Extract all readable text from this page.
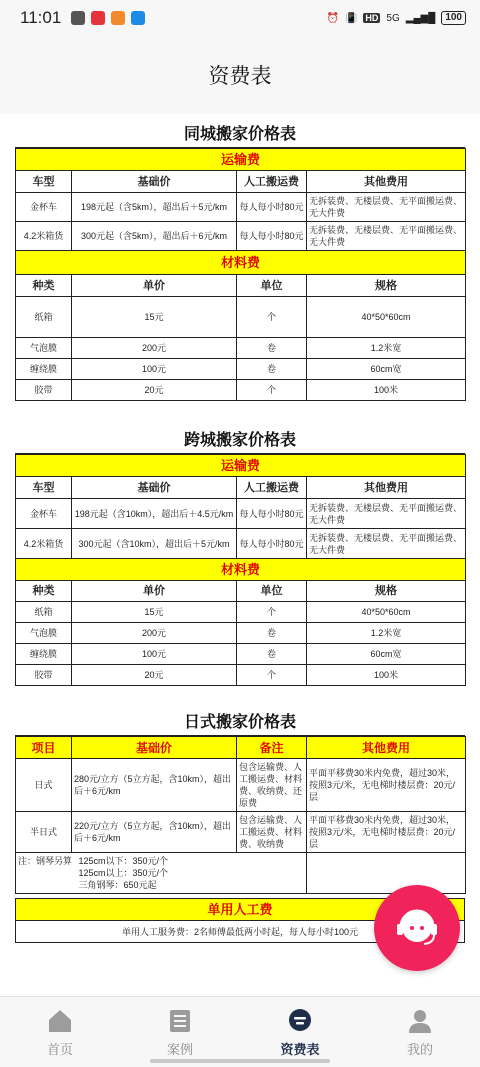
11:01	⏰ 📳 HD 5G ▂▄▆█	100
资费表
同城搬家价格表
运输费			
车型	基础价	人工搬运费	其他费用
金杯车	198元起（含5km），超出后＋5元/km	每人每小时80元	无拆装费、无楼层费、无平面搬运费、无大件费
4.2米箱货	300元起（含5km），超出后＋6元/km	每人每小时80元	无拆装费、无楼层费、无平面搬运费、无大件费
材料费			
种类	单价	单位	规格
纸箱	15元	个	40*50*60cm
气泡膜	200元	卷	1.2米宽
缠绕膜	100元	卷	60cm宽
胶带	20元	个	100米
跨城搬家价格表
运输费			
车型	基础价	人工搬运费	其他费用
金杯车	198元起（含10km），超出后＋4.5元/km	每人每小时80元	无拆装费、无楼层费、无平面搬运费、无大件费
4.2米箱货	300元起（含10km），超出后＋5元/km	每人每小时80元	无拆装费、无楼层费、无平面搬运费、无大件费
材料费			
种类	单价	单位	规格
纸箱	15元	个	40*50*60cm
气泡膜	200元	卷	1.2米宽
缠绕膜	100元	卷	60cm宽
胶带	20元	个	100米
日式搬家价格表
项目	基础价	备注	其他费用
日式	280元/立方（5立方起，含10km），超出后＋6元/km	包含运输费、人工搬运费、材料费、收纳费、还原费	平面平移费30米内免费，超过30米，按照3元/米，无电梯时楼层费：20元/层
半日式	220元/立方（5立方起，含10km），超出后＋6元/km	包含运输费、人工搬运费、材料费、收纳费	平面平移费30米内免费，超过30米，按照3元/米，无电梯时楼层费：20元/层
注：钢琴另算 125cm以下：350元/个
125cm以上：350元/个
三角钢琴：650元起			

单用人工费
单用人工服务费：2名师傅最低两小时起，每人每小时100元
首页	案例	资费表	我的
